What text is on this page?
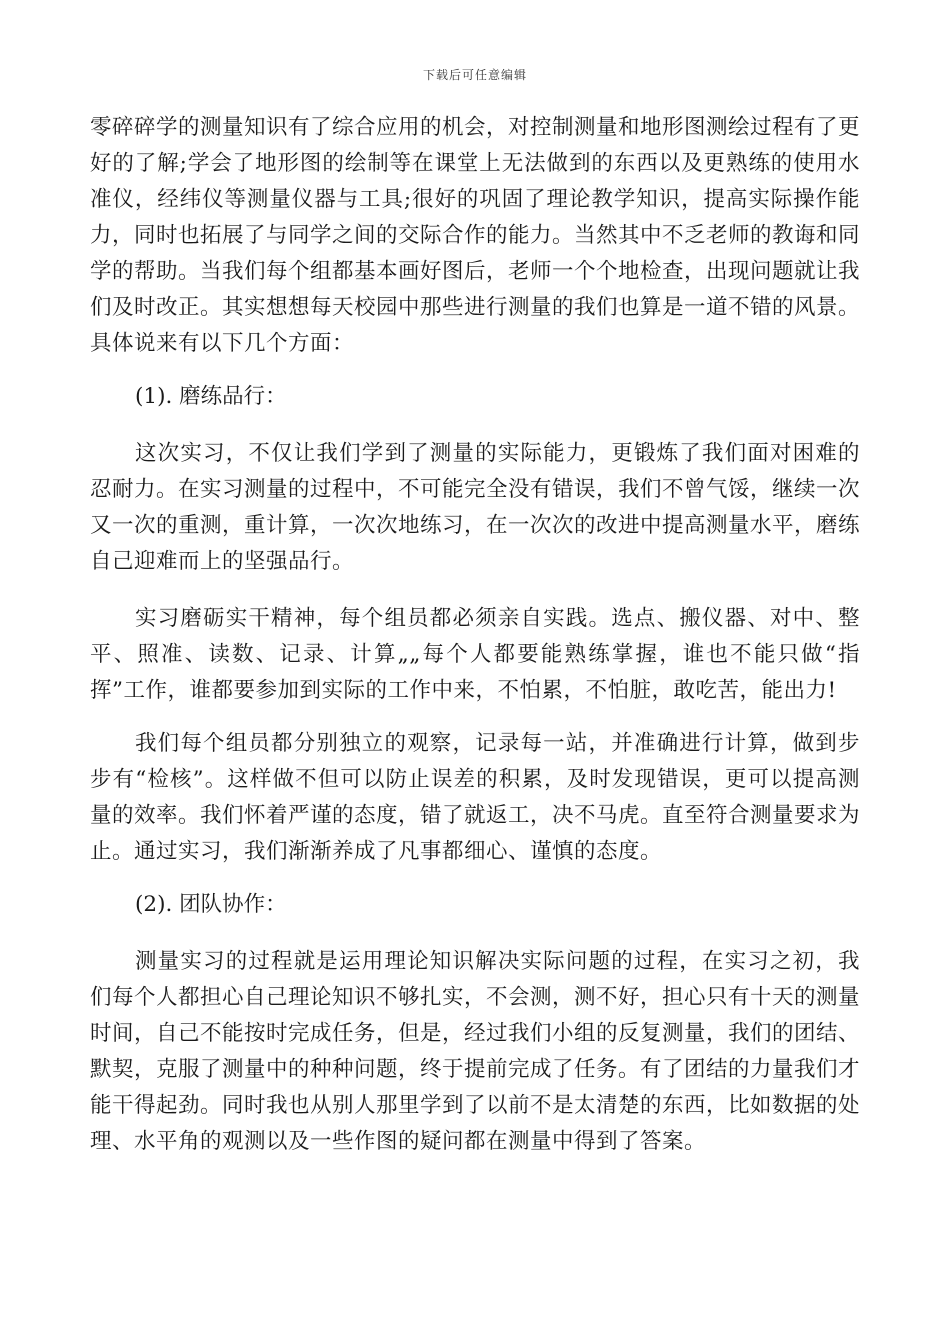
下载后可任意编辑

零碎碎学的测量知识有了综合应用的机会，对控制测量和地形图测绘过程有了更好的了解;学会了地形图的绘制等在课堂上无法做到的东西以及更熟练的使用水准仪，经纬仪等测量仪器与工具;很好的巩固了理论教学知识，提高实际操作能力，同时也拓展了与同学之间的交际合作的能力。当然其中不乏老师的教诲和同学的帮助。当我们每个组都基本画好图后，老师一个个地检查，出现问题就让我们及时改正。其实想想每天校园中那些进行测量的我们也算是一道不错的风景。具体说来有以下几个方面：

(1). 磨练品行：

这次实习，不仅让我们学到了测量的实际能力，更锻炼了我们面对困难的忍耐力。在实习测量的过程中，不可能完全没有错误，我们不曾气馁，继续一次又一次的重测，重计算，一次次地练习，在一次次的改进中提高测量水平，磨练自己迎难而上的坚强品行。

实习磨砺实干精神，每个组员都必须亲自实践。选点、搬仪器、对中、整平、照准、读数、记录、计算„„每个人都要能熟练掌握，谁也不能只做“指挥”工作，谁都要参加到实际的工作中来，不怕累，不怕脏，敢吃苦，能出力!

我们每个组员都分别独立的观察，记录每一站，并准确进行计算，做到步步有“检核”。这样做不但可以防止误差的积累，及时发现错误，更可以提高测量的效率。我们怀着严谨的态度，错了就返工，决不马虎。直至符合测量要求为止。通过实习，我们渐渐养成了凡事都细心、谨慎的态度。

(2). 团队协作：

测量实习的过程就是运用理论知识解决实际问题的过程，在实习之初，我们每个人都担心自己理论知识不够扎实，不会测，测不好，担心只有十天的测量时间，自己不能按时完成任务，但是，经过我们小组的反复测量，我们的团结、默契，克服了测量中的种种问题，终于提前完成了任务。有了团结的力量我们才能干得起劲。同时我也从别人那里学到了以前不是太清楚的东西，比如数据的处理、水平角的观测以及一些作图的疑问都在测量中得到了答案。
